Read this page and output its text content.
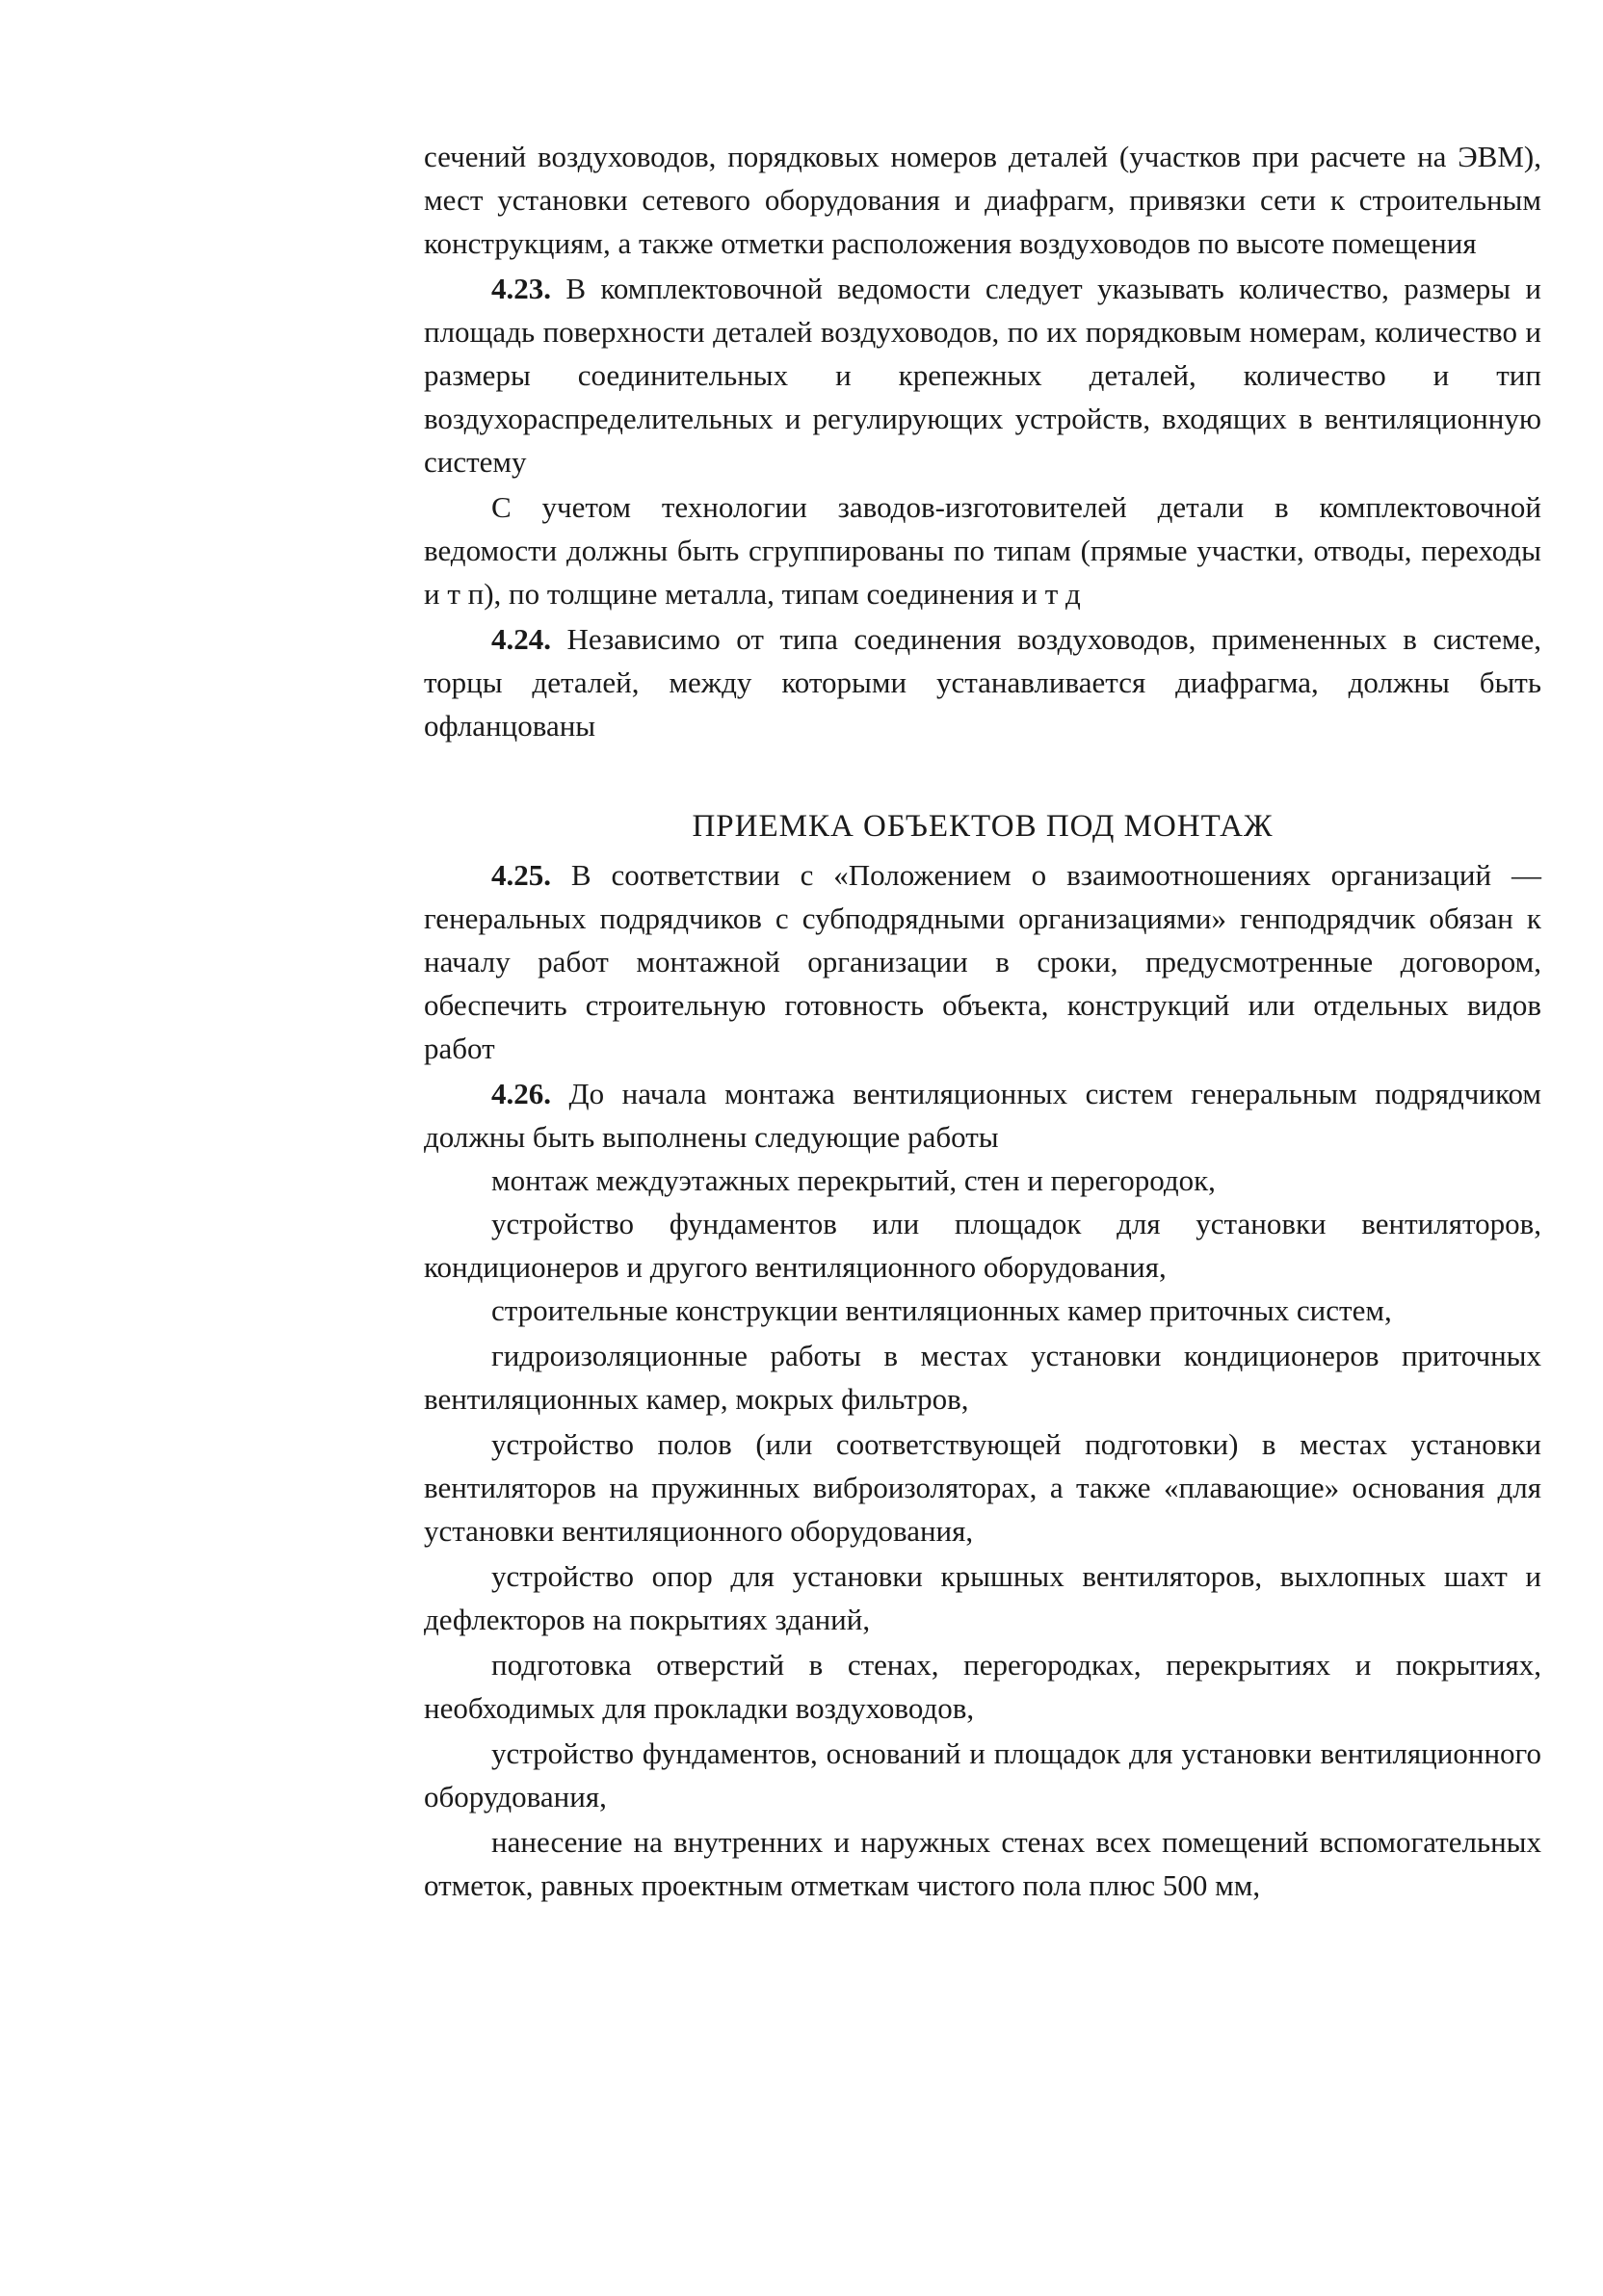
сечений воздуховодов, порядковых номеров деталей (участков при расчете на ЭВМ), мест установки сетевого оборудования и диафрагм, привязки сети к строительным конструкциям, а также отметки расположения воздуховодов по высоте помещения

4.23. В комплектовочной ведомости следует указывать количество, размеры и площадь поверхности деталей воздуховодов, по их порядковым номерам, количество и размеры соединительных и крепежных деталей, количество и тип воздухораспределительных и регулирующих устройств, входящих в вентиляционную систему

С учетом технологии заводов-изготовителей детали в комплектовочной ведомости должны быть сгруппированы по типам (прямые участки, отводы, переходы и т п), по толщине металла, типам соединения и т д

4.24. Независимо от типа соединения воздуховодов, примененных в системе, торцы деталей, между которыми устанавливается диафрагма, должны быть офланцованы

ПРИЕМКА ОБЪЕКТОВ ПОД МОНТАЖ

4.25. В соответствии с «Положением о взаимоотношениях организаций — генеральных подрядчиков с субподрядными организациями» генподрядчик обязан к началу работ монтажной организации в сроки, предусмотренные договором, обеспечить строительную готовность объекта, конструкций или отдельных видов работ

4.26. До начала монтажа вентиляционных систем генеральным подрядчиком должны быть выполнены следующие работы

монтаж междуэтажных перекрытий, стен и перегородок,

устройство фундаментов или площадок для установки вентиляторов, кондиционеров и другого вентиляционного оборудования,

строительные конструкции вентиляционных камер приточных систем,

гидроизоляционные работы в местах установки кондиционеров приточных вентиляционных камер, мокрых фильтров,

устройство полов (или соответствующей подготовки) в местах установки вентиляторов на пружинных виброизоляторах, а также «плавающие» основания для установки вентиляционного оборудования,

устройство опор для установки крышных вентиляторов, выхлопных шахт и дефлекторов на покрытиях зданий,

подготовка отверстий в стенах, перегородках, перекрытиях и покрытиях, необходимых для прокладки воздуховодов,

устройство фундаментов, оснований и площадок для установки вентиляционного оборудования,

нанесение на внутренних и наружных стенах всех помещений вспомогательных отметок, равных проектным отметкам чистого пола плюс 500 мм,
